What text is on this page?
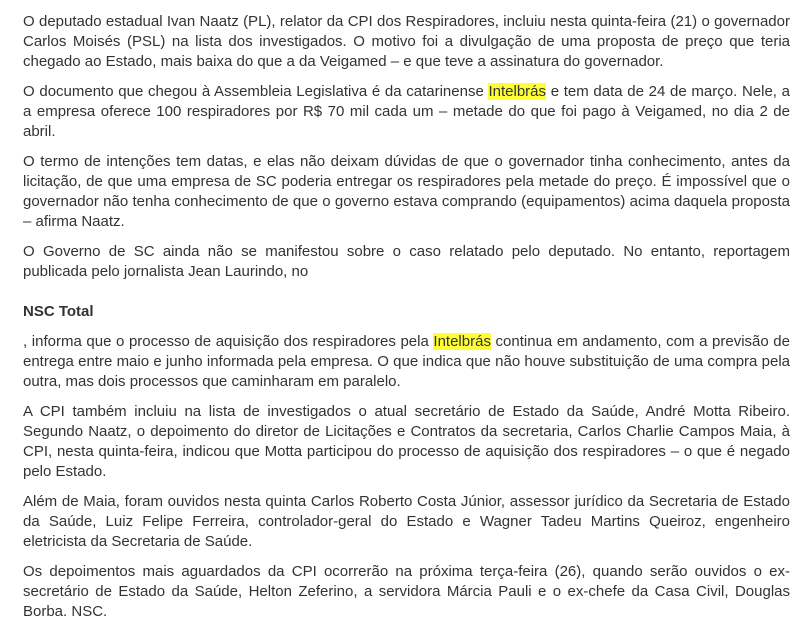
O deputado estadual Ivan Naatz (PL), relator da CPI dos Respiradores, incluiu nesta quinta-feira (21) o governador Carlos Moisés (PSL) na lista dos investigados. O motivo foi a divulgação de uma proposta de preço que teria chegado ao Estado, mais baixa do que a da Veigamed – e que teve a assinatura do governador.

O documento que chegou à Assembleia Legislativa é da catarinense Intelbrás e tem data de 24 de março. Nele, a a empresa oferece 100 respiradores por R$ 70 mil cada um – metade do que foi pago à Veigamed, no dia 2 de abril.

O termo de intenções tem datas, e elas não deixam dúvidas de que o governador tinha conhecimento, antes da licitação, de que uma empresa de SC poderia entregar os respiradores pela metade do preço. É impossível que o governador não tenha conhecimento de que o governo estava comprando (equipamentos) acima daquela proposta – afirma Naatz.

O Governo de SC ainda não se manifestou sobre o caso relatado pelo deputado. No entanto, reportagem publicada pelo jornalista Jean Laurindo, no

NSC Total

, informa que o processo de aquisição dos respiradores pela Intelbrás continua em andamento, com a previsão de entrega entre maio e junho informada pela empresa. O que indica que não houve substituição de uma compra pela outra, mas dois processos que caminharam em paralelo.

A CPI também incluiu na lista de investigados o atual secretário de Estado da Saúde, André Motta Ribeiro. Segundo Naatz, o depoimento do diretor de Licitações e Contratos da secretaria, Carlos Charlie Campos Maia, à CPI, nesta quinta-feira, indicou que Motta participou do processo de aquisição dos respiradores – o que é negado pelo Estado.

Além de Maia, foram ouvidos nesta quinta Carlos Roberto Costa Júnior, assessor jurídico da Secretaria de Estado da Saúde, Luiz Felipe Ferreira, controlador-geral do Estado e Wagner Tadeu Martins Queiroz, engenheiro eletricista da Secretaria de Saúde.

Os depoimentos mais aguardados da CPI ocorrerão na próxima terça-feira (26), quando serão ouvidos o ex-secretário de Estado da Saúde, Helton Zeferino, a servidora Márcia Pauli e o ex-chefe da Casa Civil, Douglas Borba. NSC.
